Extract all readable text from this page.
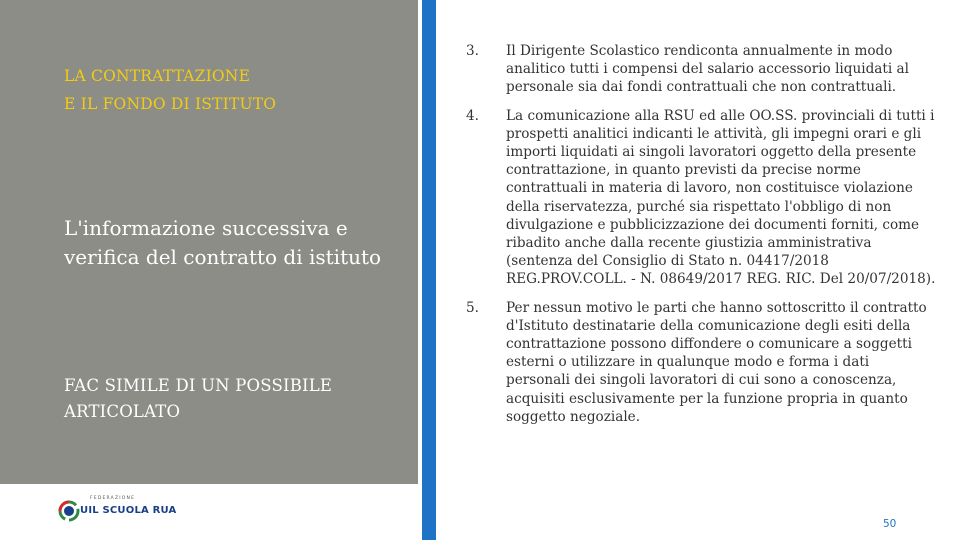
LA CONTRATTAZIONE
E IL FONDO DI ISTITUTO
L'informazione successiva e verifica del contratto di istituto
FAC SIMILE DI UN POSSIBILE ARTICOLATO
FEDERAZIONE
UIL SCUOLA RUA
3. Il Dirigente Scolastico rendiconta annualmente in modo analitico tutti i compensi del salario accessorio liquidati al personale sia dai fondi contrattuali che non contrattuali.
4. La comunicazione alla RSU ed alle OO.SS. provinciali di tutti i prospetti analitici indicanti le attività, gli impegni orari e gli importi liquidati ai singoli lavoratori oggetto della presente contrattazione, in quanto previsti da precise norme contrattuali in materia di lavoro, non costituisce violazione della riservatezza, purché sia rispettato l'obbligo di non divulgazione e pubblicizzazione dei documenti forniti, come ribadito anche dalla recente giustizia amministrativa (sentenza del Consiglio di Stato n. 04417/2018 REG.PROV.COLL. - N. 08649/2017 REG. RIC. Del 20/07/2018).
5. Per nessun motivo le parti che hanno sottoscritto il contratto d'Istituto destinatarie della comunicazione degli esiti della contrattazione possono diffondere o comunicare a soggetti esterni o utilizzare in qualunque modo e forma i dati personali dei singoli lavoratori di cui sono a conoscenza, acquisiti esclusivamente per la funzione propria in quanto soggetto negoziale.
50
